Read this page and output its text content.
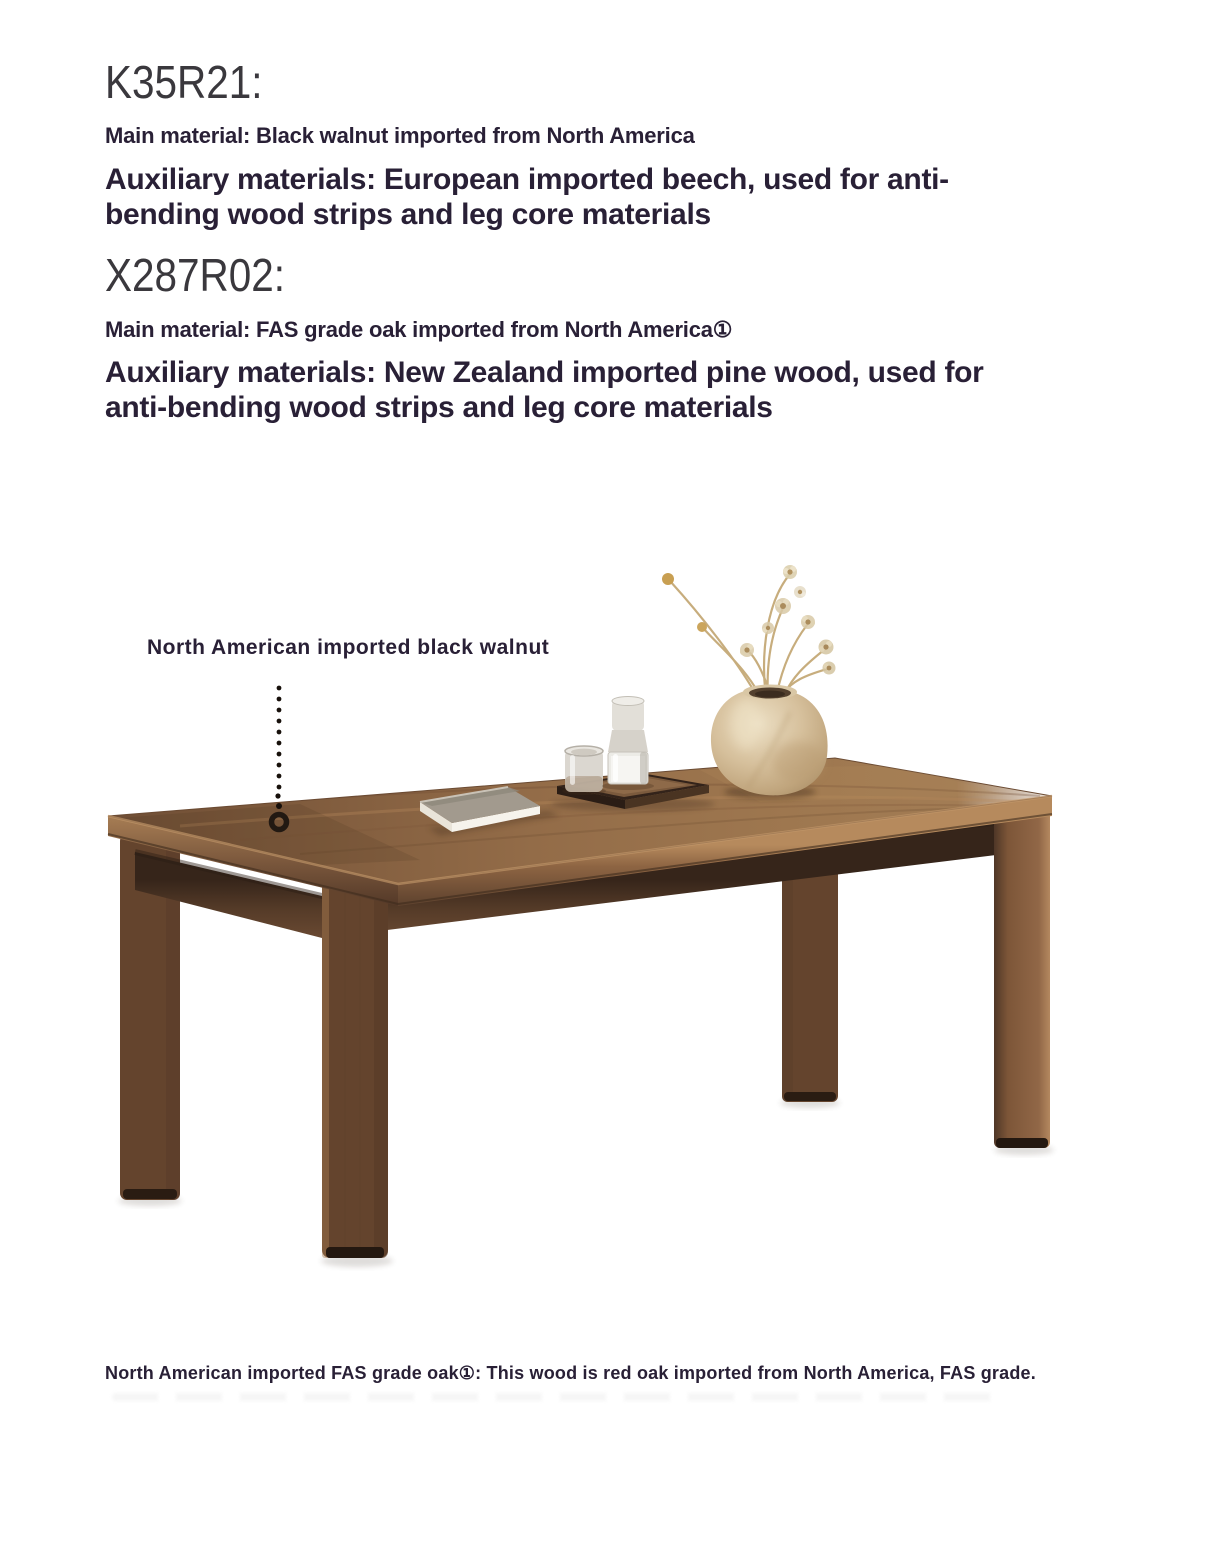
K35R21:

Main material: Black walnut imported from North America

Auxiliary materials: European imported beech, used for anti-bending wood strips and leg core materials

X287R02:

Main material: FAS grade oak imported from North America①

Auxiliary materials: New Zealand imported pine wood, used for anti-bending wood strips and leg core materials

North American imported black walnut
North American imported FAS grade oak①: This wood is red oak imported from North America, FAS grade.
